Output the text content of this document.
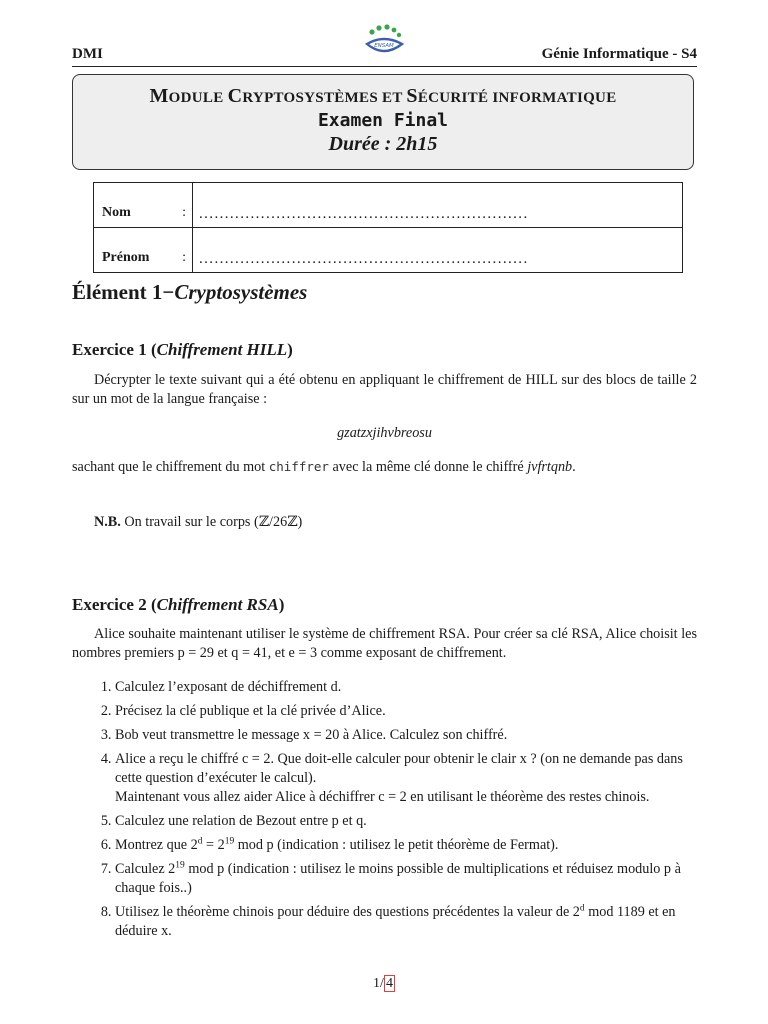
DMI	ENSAM	Génie Informatique - S4
MODULE CRYPTOSYSTÈMES ET SÉCURITÉ INFORMATIQUE
Examen Final
Durée : 2h15
Nom :	................................................................
Prénom :	................................................................
Élément 1−Cryptosystèmes
Exercice 1 (Chiffrement HILL)
Décrypter le texte suivant qui a été obtenu en appliquant le chiffrement de HILL sur des blocs de taille 2 sur un mot de la langue française :
gzatzxjihvbreosu
sachant que le chiffrement du mot chiffrer avec la même clé donne le chiffré jvfrtqnb.
N.B. On travail sur le corps (ℤ/26ℤ)
Exercice 2 (Chiffrement RSA)
Alice souhaite maintenant utiliser le système de chiffrement RSA. Pour créer sa clé RSA, Alice choisit les nombres premiers p = 29 et q = 41, et e = 3 comme exposant de chiffrement.
1. Calculez l’exposant de déchiffrement d.
2. Précisez la clé publique et la clé privée d’Alice.
3. Bob veut transmettre le message x = 20 à Alice. Calculez son chiffré.
4. Alice a reçu le chiffré c = 2. Que doit-elle calculer pour obtenir le clair x ? (on ne demande pas dans cette question d’exécuter le calcul).
Maintenant vous allez aider Alice à déchiffrer c = 2 en utilisant le théorème des restes chinois.
5. Calculez une relation de Bezout entre p et q.
6. Montrez que $2^d = 2^{19}$ mod p (indication : utilisez le petit théorème de Fermat).
7. Calculez $2^{19}$ mod p (indication : utilisez le moins possible de multiplications et réduisez modulo p à chaque fois..)
8. Utilisez le théorème chinois pour déduire des questions précédentes la valeur de 2$^d$ mod 1189 et en déduire x.
1/ 4
